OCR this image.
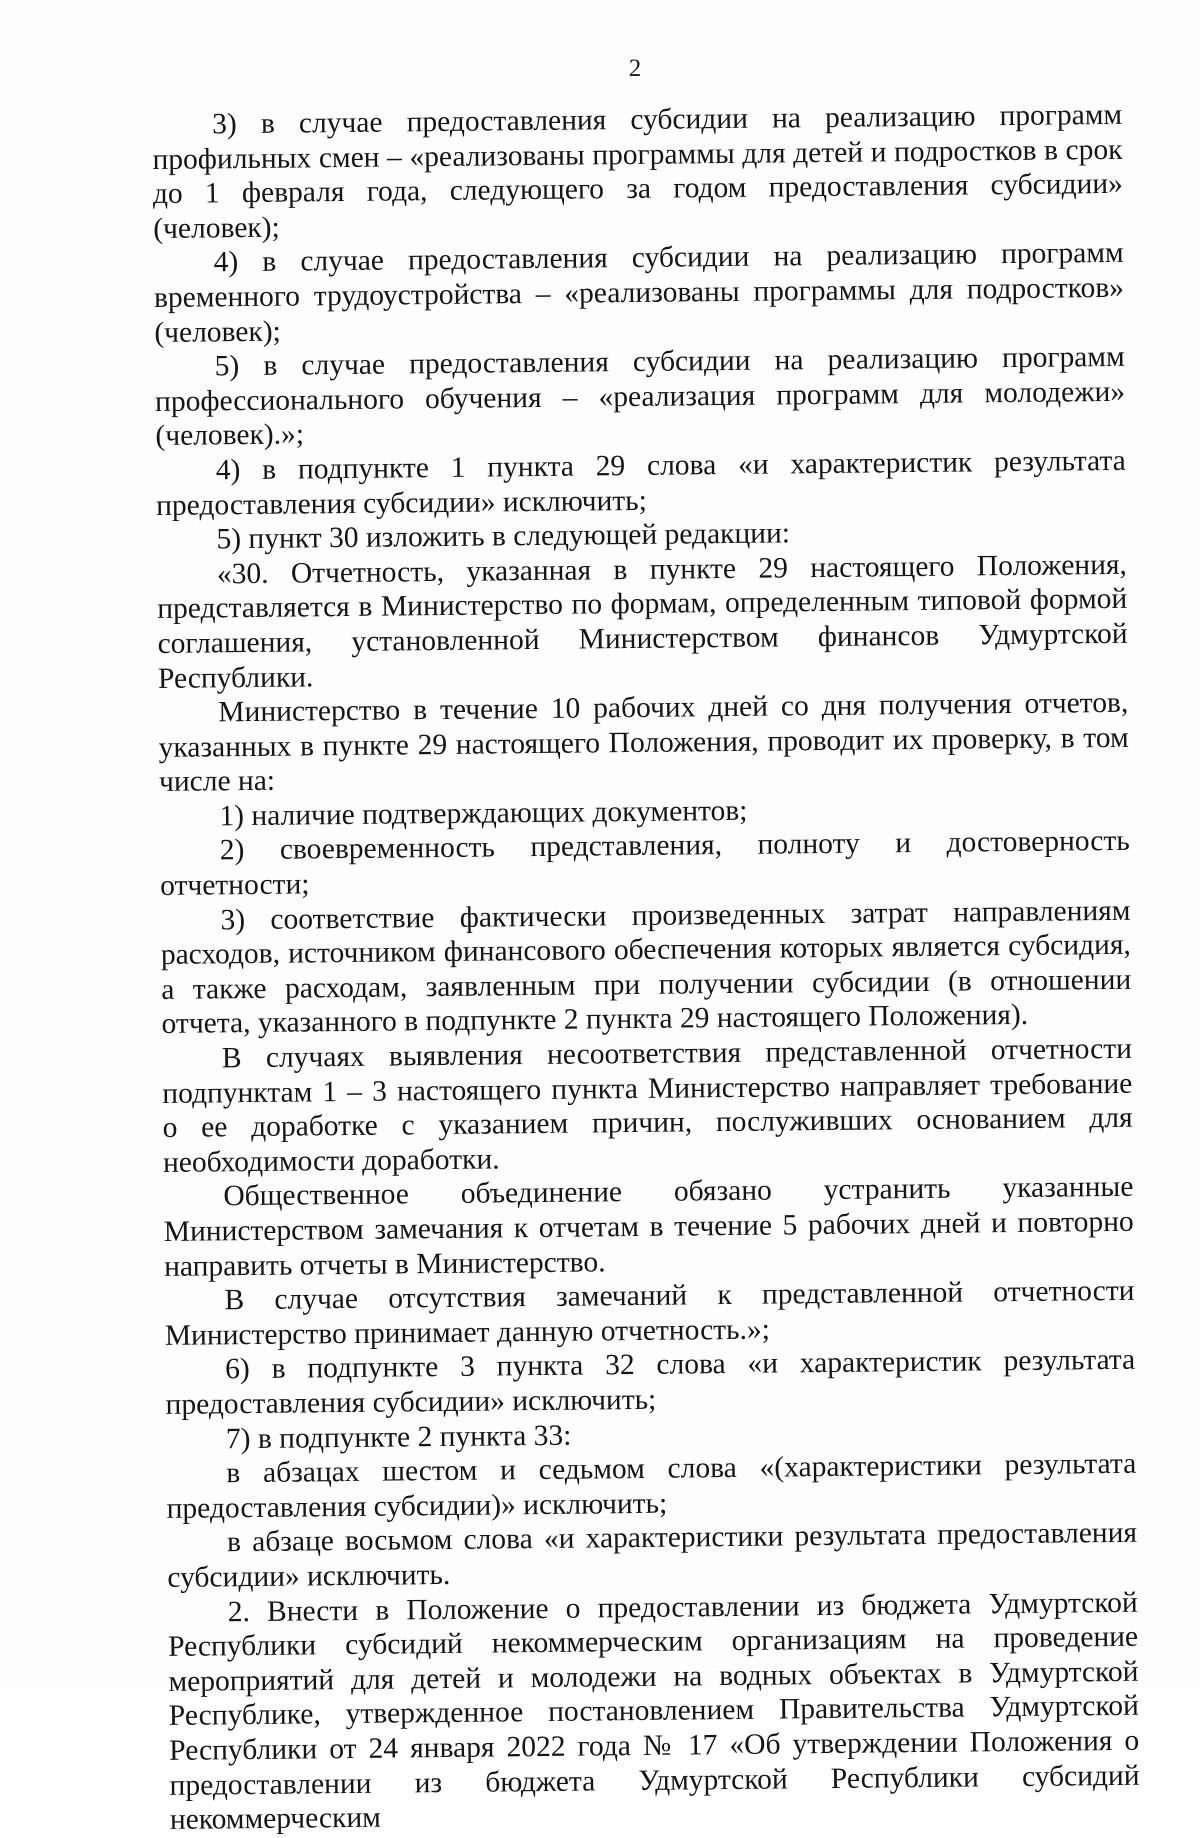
2

3) в случае предоставления субсидии на реализацию программ профильных смен – «реализованы программы для детей и подростков в срок до 1 февраля года, следующего за годом предоставления субсидии» (человек);

4) в случае предоставления субсидии на реализацию программ временного трудоустройства – «реализованы программы для подростков» (человек);

5) в случае предоставления субсидии на реализацию программ профессионального обучения – «реализация программ для молодежи» (человек).»;

4) в подпункте 1 пункта 29 слова «и характеристик результата предоставления субсидии» исключить;

5) пункт 30 изложить в следующей редакции:

«30. Отчетность, указанная в пункте 29 настоящего Положения, представляется в Министерство по формам, определенным типовой формой соглашения, установленной Министерством финансов Удмуртской Республики.

Министерство в течение 10 рабочих дней со дня получения отчетов, указанных в пункте 29 настоящего Положения, проводит их проверку, в том числе на:

1) наличие подтверждающих документов;

2) своевременность представления, полноту и достоверность отчетности;

3) соответствие фактически произведенных затрат направлениям расходов, источником финансового обеспечения которых является субсидия, а также расходам, заявленным при получении субсидии (в отношении отчета, указанного в подпункте 2 пункта 29 настоящего Положения).

В случаях выявления несоответствия представленной отчетности подпунктам 1 – 3 настоящего пункта Министерство направляет требование о ее доработке с указанием причин, послуживших основанием для необходимости доработки.

Общественное объединение обязано устранить указанные Министерством замечания к отчетам в течение 5 рабочих дней и повторно направить отчеты в Министерство.

В случае отсутствия замечаний к представленной отчетности Министерство принимает данную отчетность.»;

6) в подпункте 3 пункта 32 слова «и характеристик результата предоставления субсидии» исключить;

7) в подпункте 2 пункта 33:

в абзацах шестом и седьмом слова «(характеристики результата предоставления субсидии)» исключить;

в абзаце восьмом слова «и характеристики результата предоставления субсидии» исключить.

2. Внести в Положение о предоставлении из бюджета Удмуртской Республики субсидий некоммерческим организациям на проведение мероприятий для детей и молодежи на водных объектах в Удмуртской Республике, утвержденное постановлением Правительства Удмуртской Республики от 24 января 2022 года № 17 «Об утверждении Положения о предоставлении из бюджета Удмуртской Республики субсидий некоммерческим
